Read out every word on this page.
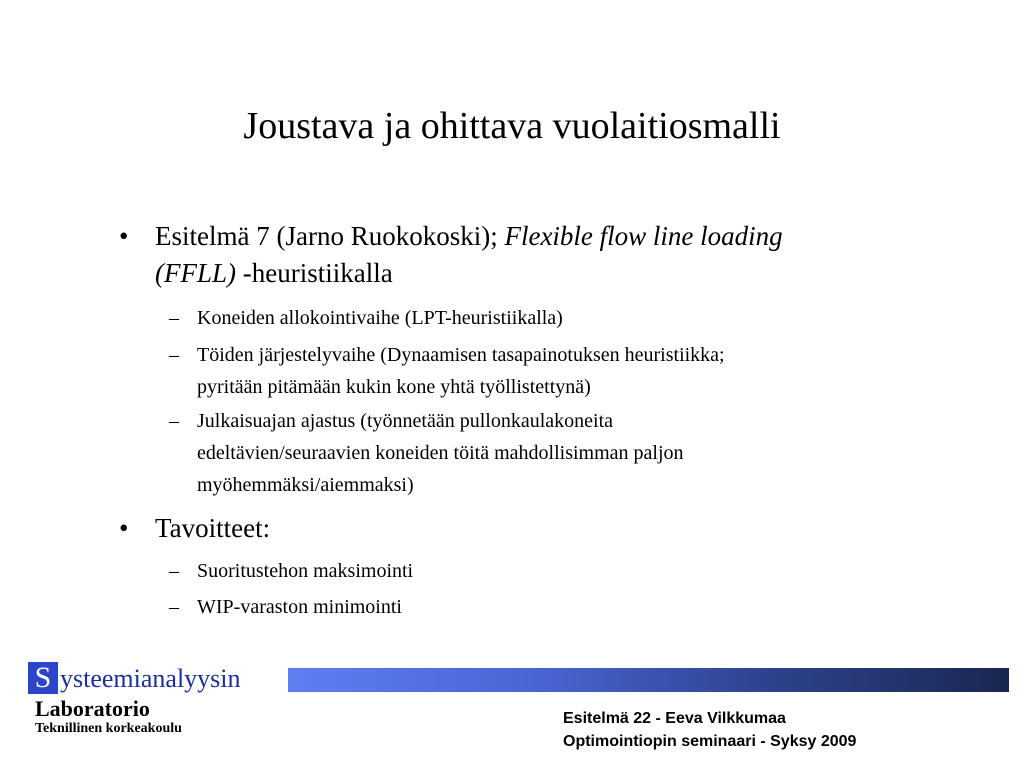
Joustava ja ohittava vuolaitiosmalli
• Esitelmä 7 (Jarno Ruokokoski); Flexible flow line loading (FFLL) -heuristiikalla
– Koneiden allokointivaihe (LPT-heuristiikalla)
– Töiden järjestelyvaihe (Dynaamisen tasapainotuksen heuristiikka;
pyritään pitämään kukin kone yhtä työllistettynä)
– Julkaisuajan ajastus (työnnetään pullonkaulakoneita
edeltävien/seuraavien koneiden töitä mahdollisimman paljon
myöhemmäksi/aiemmaksi)
• Tavoitteet:
– Suoritustehon maksimointi
– WIP-varaston minimointi
S ysteemianalyysin
Laboratorio
Teknillinen korkeakoulu
Esitelmä 22 - Eeva Vilkkumaa
Optimointiopin seminaari - Syksy 2009
